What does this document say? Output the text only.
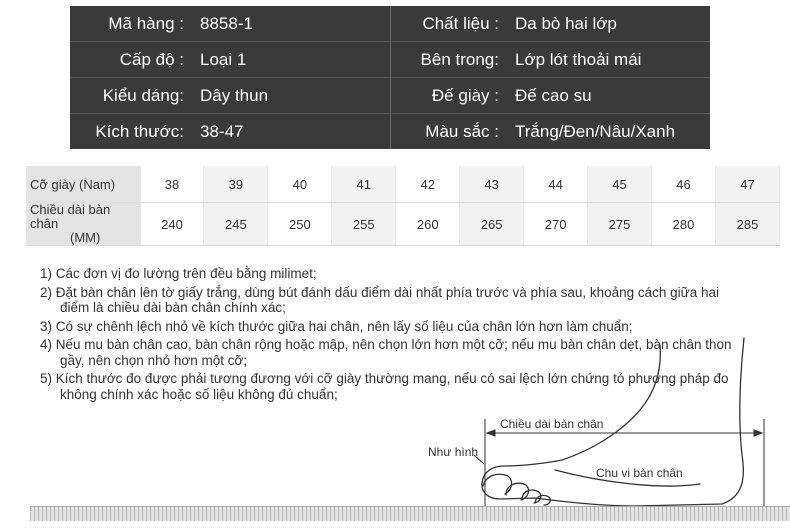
Mã hàng :	8858-1	Chất liệu :	Da bò hai lớp
Cấp độ :	Loại 1	Bên trong:	Lớp lót thoải mái
Kiểu dáng:	Dây thun	Đế giày :	Đế cao su
Kích thước:	38-47	Màu sắc :	Trắng/Đen/Nâu/Xanh
Cỡ giày (Nam)	38	39	40	41	42	43	44	45	46	47

Chiều dài bàn chân
(MM)	240	245	250	255	260	265	270	275	280	285
1) Các đơn vị đo lường trên đều bằng milimet;
2) Đặt bàn chân lên tờ giấy trắng, dùng bút đánh dấu điểm dài nhất phía trước và phía sau, khoảng cách giữa hai điểm là chiều dài bàn chân chính xác;
3) Có sự chênh lệch nhỏ về kích thước giữa hai chân, nên lấy số liệu của chân lớn hơn làm chuẩn;
4) Nếu mu bàn chân cao, bàn chân rộng hoặc mập, nên chọn lớn hơn một cỡ; nếu mu bàn chân dẹt, bàn chân thon gầy, nên chọn nhỏ hơn một cỡ;
5) Kích thước đo được phải tương đương với cỡ giày thường mang, nếu có sai lệch lớn chứng tỏ phương pháp đo không chính xác hoặc số liệu không đủ chuẩn;
Như hình
Chiều dài bàn chân
Chu vi bàn chân
